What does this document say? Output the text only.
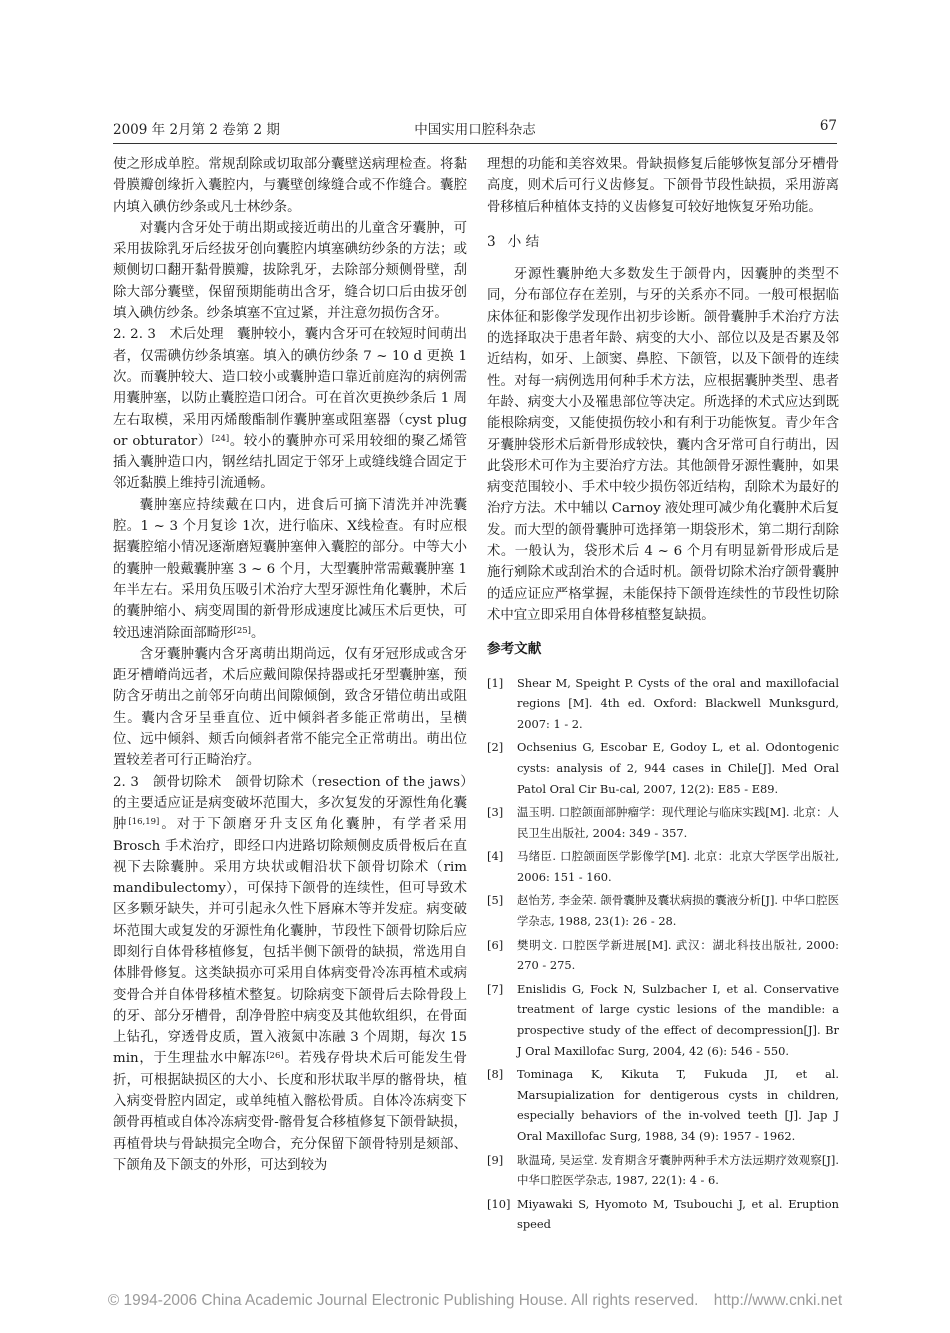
2009 年 2月第 2 卷第 2 期	中国实用口腔科杂志	67

使之形成单腔。常规刮除或切取部分囊壁送病理检查。将黏骨膜瓣创缘折入囊腔内，与囊壁创缘缝合或不作缝合。囊腔内填入碘仿纱条或凡士林纱条。

对囊内含牙处于萌出期或接近萌出的儿童含牙囊肿，可采用拔除乳牙后经拔牙创向囊腔内填塞碘纺纱条的方法；或颊侧切口翻开黏骨膜瓣，拔除乳牙，去除部分颊侧骨壁，刮除大部分囊壁，保留预期能萌出含牙，缝合切口后由拔牙创填入碘仿纱条。纱条填塞不宜过紧，并注意勿损伤含牙。

2. 2. 3　术后处理　囊肿较小，囊内含牙可在较短时间萌出者，仅需碘仿纱条填塞。填入的碘仿纱条 7 ~ 10 d 更换 1 次。而囊肿较大、造口较小或囊肿造口靠近前庭沟的病例需用囊肿塞，以防止囊腔造口闭合。可在首次更换纱条后 1 周左右取模，采用丙烯酸酯制作囊肿塞或阻塞器（cyst plug or obturator）[24]。较小的囊肿亦可采用较细的聚乙烯管插入囊肿造口内，钢丝结扎固定于邻牙上或缝线缝合固定于邻近黏膜上维持引流通畅。

囊肿塞应持续戴在口内，进食后可摘下清洗并冲洗囊腔。1 ~ 3 个月复诊 1次，进行临床、X线检查。有时应根据囊腔缩小情况逐渐磨短囊肿塞伸入囊腔的部分。中等大小的囊肿一般戴囊肿塞 3 ~ 6 个月，大型囊肿常需戴囊肿塞 1 年半左右。采用负压吸引术治疗大型牙源性角化囊肿，术后的囊肿缩小、病变周围的新骨形成速度比减压术后更快，可较迅速消除面部畸形[25]。

含牙囊肿囊内含牙离萌出期尚远，仅有牙冠形成或含牙距牙槽嵴尚远者，术后应戴间隙保持器或托牙型囊肿塞，预防含牙萌出之前邻牙向萌出间隙倾倒，致含牙错位萌出或阻生。囊内含牙呈垂直位、近中倾斜者多能正常萌出，呈横位、远中倾斜、颊舌向倾斜者常不能完全正常萌出。萌出位置较差者可行正畸治疗。

2. 3　颌骨切除术　颌骨切除术（resection of the jaws）的主要适应证是病变破坏范围大，多次复发的牙源性角化囊肿[16,19]。对于下颌磨牙升支区角化囊肿，有学者采用 Brosch 手术治疗，即经口内进路切除颊侧皮质骨板后在直视下去除囊肿。采用方块状或帽沿状下颌骨切除术（rim mandibulectomy），可保持下颌骨的连续性，但可导致术区多颗牙缺失，并可引起永久性下唇麻木等并发症。病变破坏范围大或复发的牙源性角化囊肿，节段性下颌骨切除后应即刻行自体骨移植修复，包括半侧下颌骨的缺损，常选用自体腓骨修复。这类缺损亦可采用自体病变骨冷冻再植术或病变骨合并自体骨移植术整复。切除病变下颌骨后去除骨段上的牙、部分牙槽骨，刮净骨腔中病变及其他软组织，在骨面上钻孔，穿透骨皮质，置入液氮中冻融 3 个周期，每次 15 min，于生理盐水中解冻[26]。若残存骨块术后可能发生骨折，可根据缺损区的大小、长度和形状取半厚的髂骨块，植入病变骨腔内固定，或单纯植入髂松骨质。自体冷冻病变下颌骨再植或自体冷冻病变骨-髂骨复合移植修复下颌骨缺损，再植骨块与骨缺损完全吻合，充分保留下颌骨特别是颏部、下颌角及下颌支的外形，可达到较为

理想的功能和美容效果。骨缺损修复后能够恢复部分牙槽骨高度，则术后可行义齿修复。下颌骨节段性缺损，采用游离骨移植后种植体支持的义齿修复可较好地恢复牙殆功能。

3 小 结

牙源性囊肿绝大多数发生于颌骨内，因囊肿的类型不同，分布部位存在差别，与牙的关系亦不同。一般可根据临床体征和影像学发现作出初步诊断。颌骨囊肿手术治疗方法的选择取决于患者年龄、病变的大小、部位以及是否累及邻近结构，如牙、上颌窦、鼻腔、下颌管，以及下颌骨的连续性。对每一病例选用何种手术方法，应根据囊肿类型、患者年龄、病变大小及罹患部位等决定。所选择的术式应达到既能根除病变，又能使损伤较小和有利于功能恢复。青少年含牙囊肿袋形术后新骨形成较快，囊内含牙常可自行萌出，因此袋形术可作为主要治疗方法。其他颌骨牙源性囊肿，如果病变范围较小、手术中较少损伤邻近结构，刮除术为最好的治疗方法。术中辅以 Carnoy 液处理可减少角化囊肿术后复发。而大型的颌骨囊肿可选择第一期袋形术，第二期行刮除术。一般认为，袋形术后 4 ~ 6 个月有明显新骨形成后是施行剜除术或刮治术的合适时机。颌骨切除术治疗颌骨囊肿的适应证应严格掌握，未能保持下颌骨连续性的节段性切除术中宜立即采用自体骨移植整复缺损。

参考文献
[1] Shear M, Speight P. Cysts of the oral and maxillofacial regions [M]. 4th ed. Oxford: Blackwell Munksgurd, 2007: 1 - 2.
[2] Ochsenius G, Escobar E, Godoy L, et al. Odontogenic cysts: analysis of 2, 944 cases in Chile[J]. Med Oral Patol Oral Cir Bu-cal, 2007, 12(2): E85 - E89.
[3] 温玉明. 口腔颌面部肿瘤学：现代理论与临床实践[M]. 北京：人民卫生出版社, 2004: 349 - 357.
[4] 马绪臣. 口腔颌面医学影像学[M]. 北京：北京大学医学出版社, 2006: 151 - 160.
[5] 赵怡芳, 李金荣. 颌骨囊肿及囊状病损的囊液分析[J]. 中华口腔医学杂志, 1988, 23(1): 26 - 28.
[6] 樊明文. 口腔医学新进展[M]. 武汉：湖北科技出版社, 2000: 270 - 275.
[7] Enislidis G, Fock N, Sulzbacher I, et al. Conservative treatment of large cystic lesions of the mandible: a prospective study of the effect of decompression[J]. Br J Oral Maxillofac Surg, 2004, 42 (6): 546 - 550.
[8] Tominaga K, Kikuta T, Fukuda JI, et al. Marsupialization for dentigerous cysts in children, especially behaviors of the in-volved teeth [J]. Jap J Oral Maxillofac Surg, 1988, 34 (9): 1957 - 1962.
[9] 耿温琦, 吴运堂. 发育期含牙囊肿两种手术方法远期疗效观察[J]. 中华口腔医学杂志, 1987, 22(1): 4 - 6.
[10] Miyawaki S, Hyomoto M, Tsubouchi J, et al. Eruption speed
© 1994-2006 China Academic Journal Electronic Publishing House. All rights reserved.　http://www.cnki.net
